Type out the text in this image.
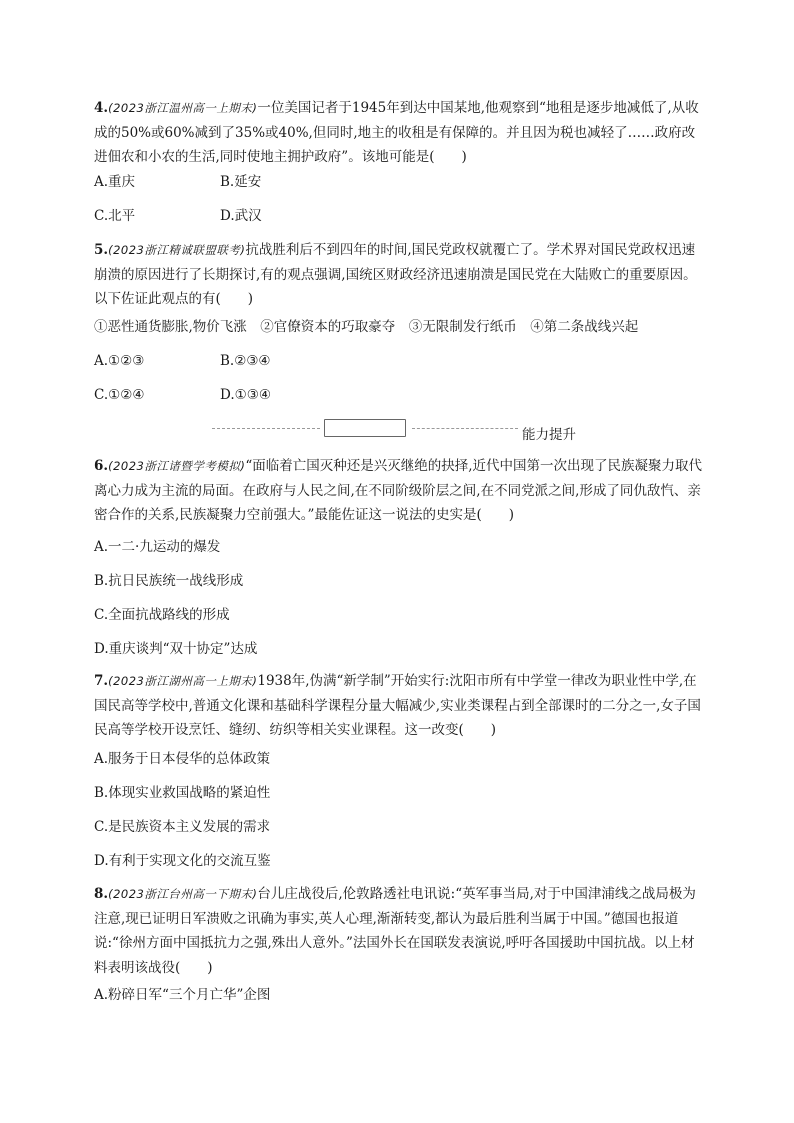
4.(2023浙江温州高一上期末)一位美国记者于1945年到达中国某地,他观察到“地租是逐步地减低了,从收成的50%或60%减到了35%或40%,但同时,地主的收租是有保障的。并且因为税也减轻了……政府改进佃农和小农的生活,同时使地主拥护政府”。该地可能是(　　)
A.重庆	B.延安
C.北平	D.武汉
5.(2023浙江精诚联盟联考)抗战胜利后不到四年的时间,国民党政权就覆亡了。学术界对国民党政权迅速崩溃的原因进行了长期探讨,有的观点强调,国统区财政经济迅速崩溃是国民党在大陆败亡的重要原因。以下佐证此观点的有(　　)
①恶性通货膨胀,物价飞涨　②官僚资本的巧取豪夺　③无限制发行纸币　④第二条战线兴起
A.①②③	B.②③④
C.①②④	D.①③④
能力提升
6.(2023浙江诸暨学考模拟)“面临着亡国灭种还是兴灭继绝的抉择,近代中国第一次出现了民族凝聚力取代离心力成为主流的局面。在政府与人民之间,在不同阶级阶层之间,在不同党派之间,形成了同仇敌忾、亲密合作的关系,民族凝聚力空前强大。”最能佐证这一说法的史实是(　　)
A.一二·九运动的爆发
B.抗日民族统一战线形成
C.全面抗战路线的形成
D.重庆谈判“双十协定”达成
7.(2023浙江湖州高一上期末)1938年,伪满“新学制”开始实行:沈阳市所有中学堂一律改为职业性中学,在国民高等学校中,普通文化课和基础科学课程分量大幅减少,实业类课程占到全部课时的二分之一,女子国民高等学校开设烹饪、缝纫、纺织等相关实业课程。这一改变(　　)
A.服务于日本侵华的总体政策
B.体现实业救国战略的紧迫性
C.是民族资本主义发展的需求
D.有利于实现文化的交流互鉴
8.(2023浙江台州高一下期末)台儿庄战役后,伦敦路透社电讯说:“英军事当局,对于中国津浦线之战局极为注意,现已证明日军溃败之讯确为事实,英人心理,渐渐转变,都认为最后胜利当属于中国。”德国也报道说:“徐州方面中国抵抗力之强,殊出人意外。”法国外长在国联发表演说,呼吁各国援助中国抗战。以上材料表明该战役(　　)
A.粉碎日军“三个月亡华”企图
